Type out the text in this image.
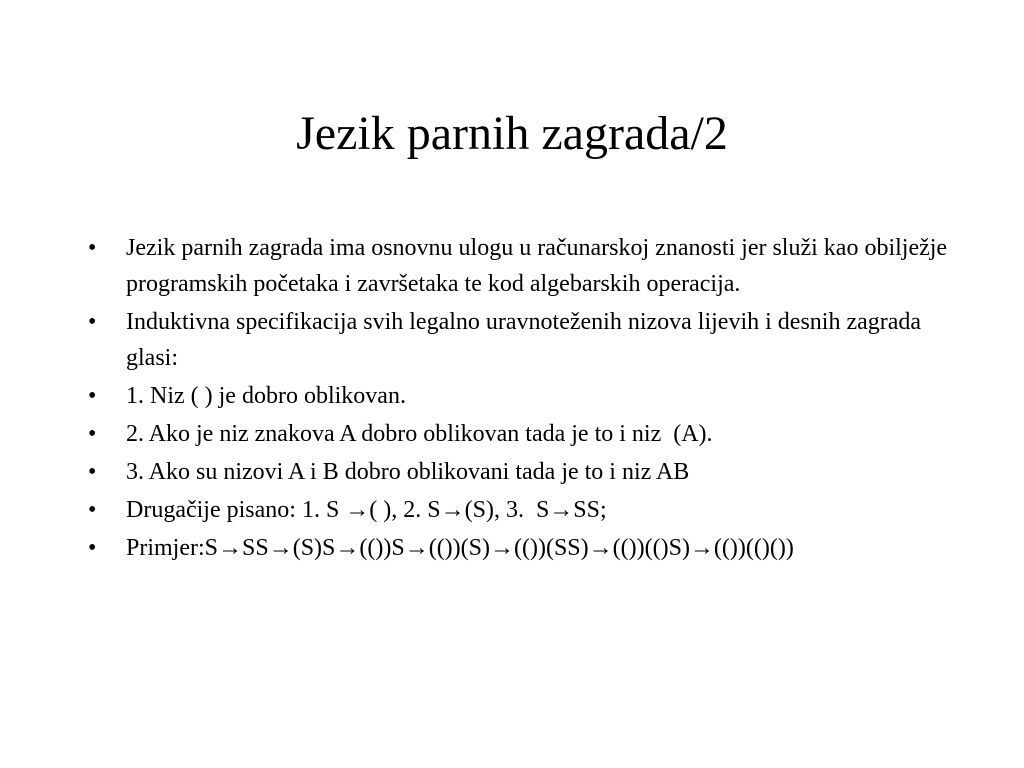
Jezik parnih zagrada/2
• Jezik parnih zagrada ima osnovnu ulogu u računarskoj znanosti jer služi kao obilježje programskih početaka i završetaka te kod algebarskih operacija.
• Induktivna specifikacija svih legalno uravnoteženih nizova lijevih i desnih zagrada glasi:
• 1. Niz ( ) je dobro oblikovan.
• 2. Ako je niz znakova A dobro oblikovan tada je to i niz  (A).
• 3. Ako su nizovi A i B dobro oblikovani tada je to i niz AB
• Drugačije pisano: 1. S →( ), 2. S→(S), 3.  S→SS;
• Primjer:S→SS→(S)S→(())S→(())(S)→(())(SS)→(())(()S)→(())(()())
